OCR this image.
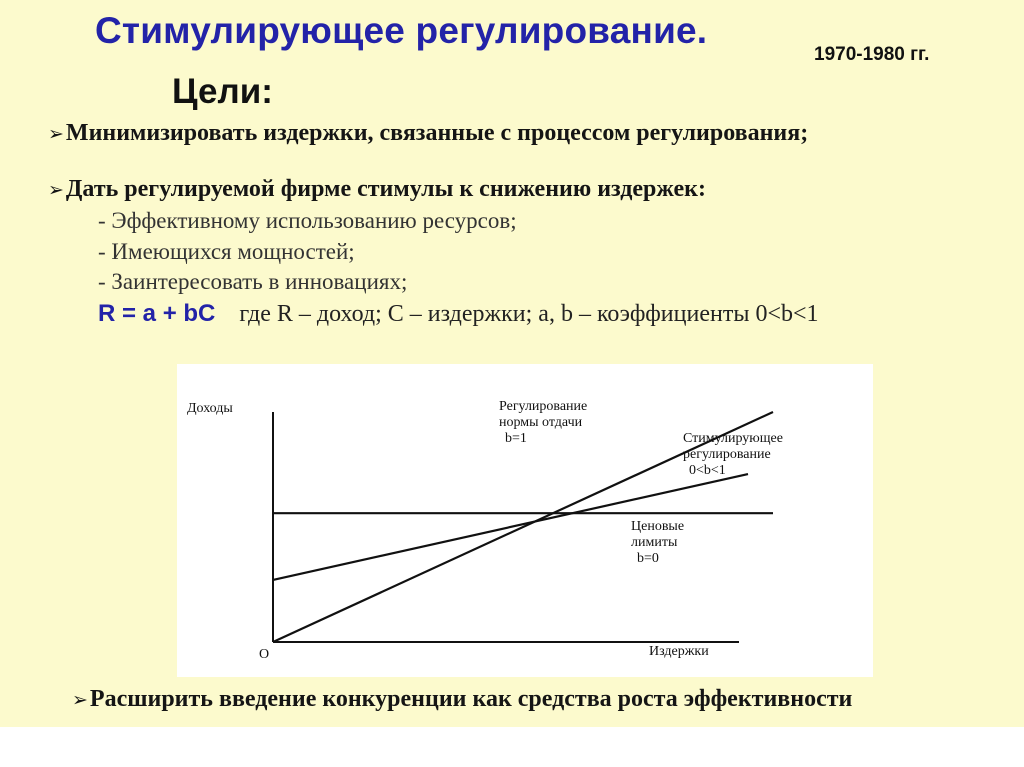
Стимулирующее регулирование.
1970-1980 гг.
Цели:
➢Минимизировать издержки, связанные с процессом регулирования;
➢Дать регулируемой фирме стимулы к снижению издержек:
- Эффективному использованию ресурсов;
- Имеющихся мощностей;
- Заинтересовать в инновациях;
R = a + bC где R – доход; C – издержки; a, b – коэффициенты 0<b<1
Доходы
Издержки
O
Регулирование нормы отдачи b=1	Стимулирующее регулирование 0<b<1
Ценовые лимиты b=0
➢Расширить введение конкуренции как средства роста эффективности
